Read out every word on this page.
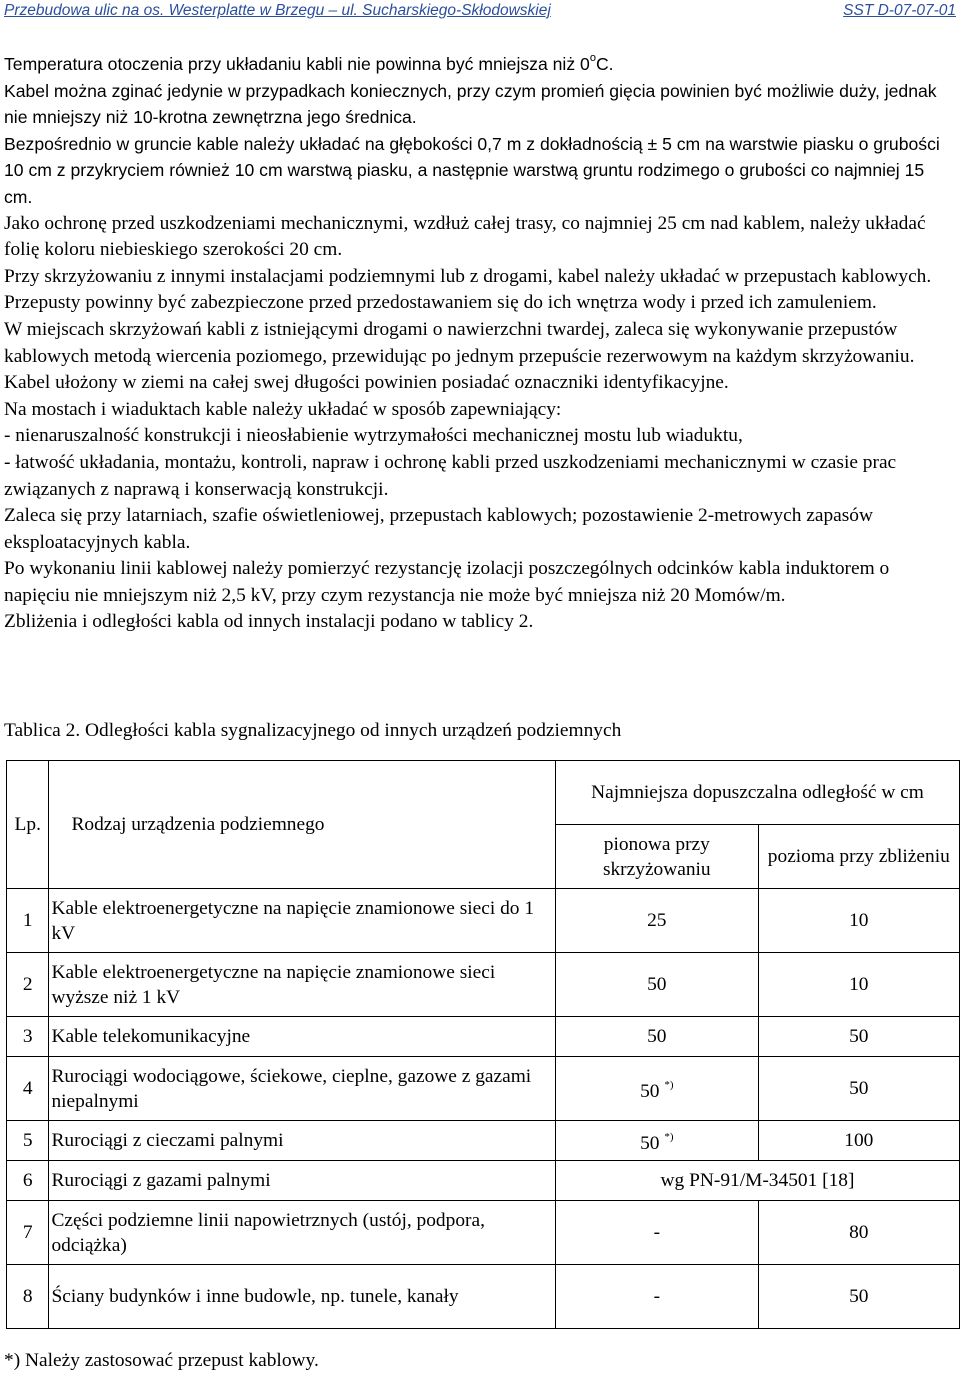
Przebudowa ulic na os. Westerplatte w Brzegu – ul. Sucharskiego-Skłodowskiej	SST D-07-07-01

Temperatura otoczenia przy układaniu kabli nie powinna być mniejsza niż 0$^o$C.

Kabel można zginać jedynie w przypadkach koniecznych, przy czym promień gięcia powinien być możliwie duży, jednak nie mniejszy niż 10-krotna zewnętrzna jego średnica.

Bezpośrednio w gruncie kable należy układać na głębokości 0,7 m z dokładnością ± 5 cm na warstwie piasku o grubości 10 cm z przykryciem również 10 cm warstwą piasku, a następnie warstwą gruntu rodzimego o grubości co najmniej 15 cm.

Jako ochronę przed uszkodzeniami mechanicznymi, wzdłuż całej trasy, co najmniej 25 cm nad kablem, należy układać folię koloru niebieskiego szerokości 20 cm.

Przy skrzyżowaniu z innymi instalacjami podziemnymi lub z drogami, kabel należy układać w przepustach kablowych. Przepusty powinny być zabezpieczone przed przedostawaniem się do ich wnętrza wody i przed ich zamuleniem.

W miejscach skrzyżowań kabli z istniejącymi drogami o nawierzchni twardej, zaleca się wykonywanie przepustów kablowych metodą wiercenia poziomego, przewidując po jednym przepuście rezerwowym na każdym skrzyżowaniu.

Kabel ułożony w ziemi na całej swej długości powinien posiadać oznaczniki identyfikacyjne.

Na mostach i wiaduktach kable należy układać w sposób zapewniający:

- nienaruszalność konstrukcji i nieosłabienie wytrzymałości mechanicznej mostu lub wiaduktu,

- łatwość układania, montażu, kontroli, napraw i ochronę kabli przed uszkodzeniami mechanicznymi w czasie prac związanych z naprawą i konserwacją konstrukcji.

Zaleca się przy latarniach, szafie oświetleniowej, przepustach kablowych; pozostawienie 2-metrowych zapasów eksploatacyjnych kabla.

Po wykonaniu linii kablowej należy pomierzyć rezystancję izolacji poszczególnych odcinków kabla induktorem o napięciu nie mniejszym niż 2,5 kV, przy czym rezystancja nie może być mniejsza niż 20 Momów/m.

Zbliżenia i odległości kabla od innych instalacji podano w tablicy 2.

Tablica 2. Odległości kabla sygnalizacyjnego od innych urządzeń podziemnych
Lp.	Rodzaj urządzenia podziemnego	Najmniejsza dopuszczalna odległość w cm	
		pionowa przy skrzyżowaniu	pozioma przy zbliżeniu
1	Kable elektroenergetyczne na napięcie znamionowe sieci do 1 kV	25	10
2	Kable elektroenergetyczne na napięcie znamionowe sieci wyższe niż 1 kV	50	10
3	Kable telekomunikacyjne	50	50
4	Rurociągi wodociągowe, ściekowe, cieplne, gazowe z gazami niepalnymi	50 *)	50
5	Rurociągi z cieczami palnymi	50 *)	100
6	Rurociągi z gazami palnymi	wg PN-91/M-34501 [18]	
7	Części podziemne linii napowietrznych (ustój, podpora, odciążka)	-	80
8	Ściany budynków i inne budowle, np. tunele, kanały	-	50
*) Należy zastosować przepust kablowy.
